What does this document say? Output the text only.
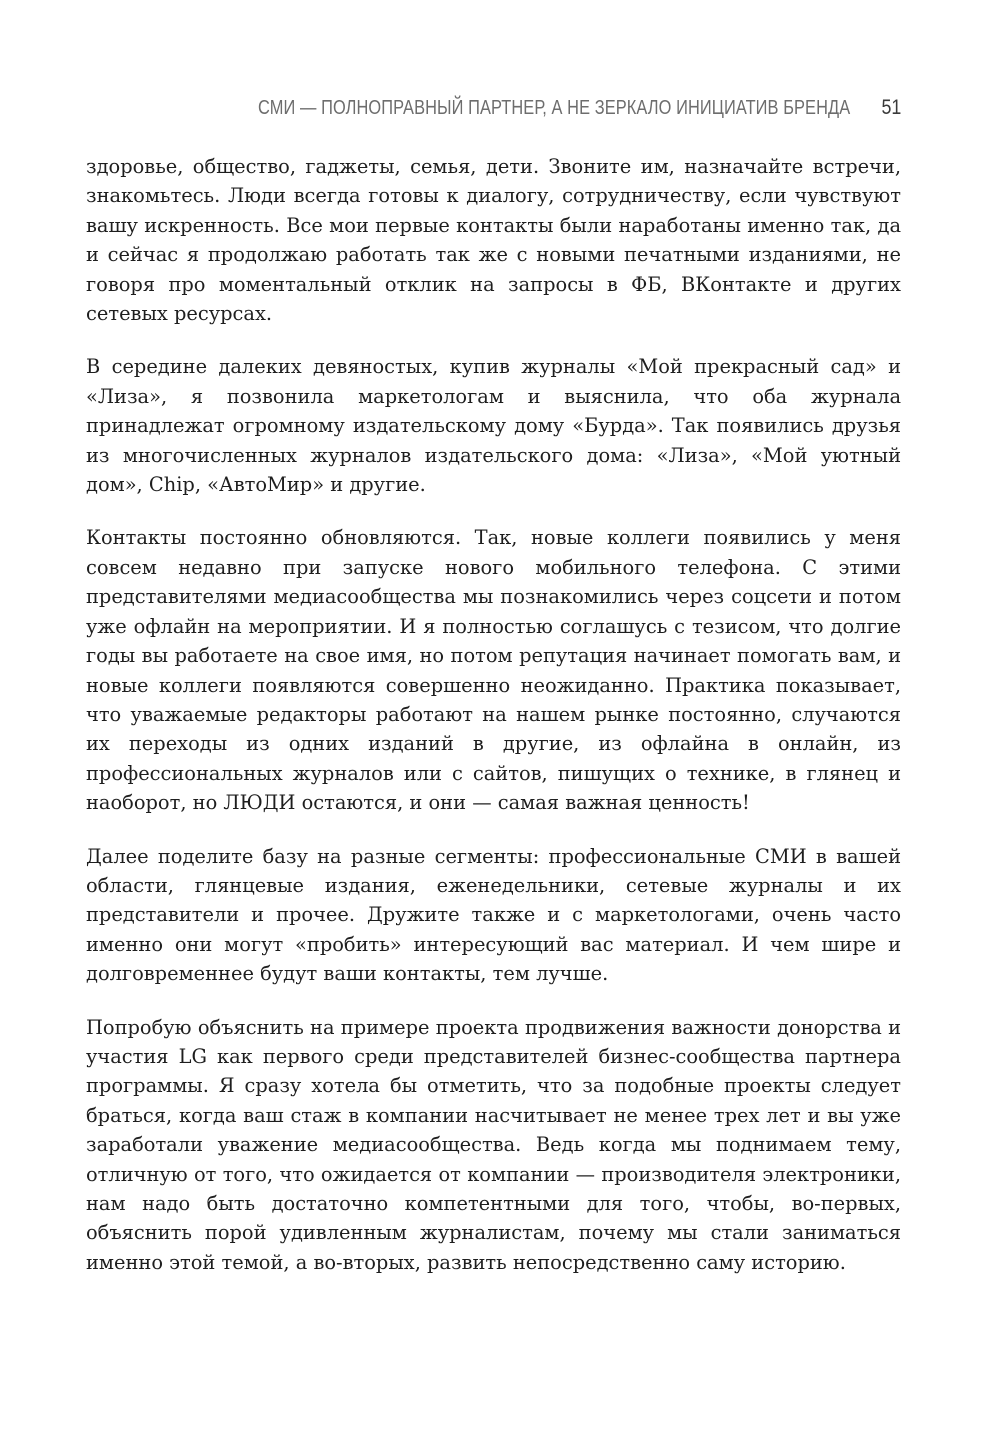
СМИ — ПОЛНОПРАВНЫЙ ПАРТНЕР, А НЕ ЗЕРКАЛО ИНИЦИАТИВ БРЕНДА 51

здоровье, общество, гаджеты, семья, дети. Звоните им, назначайте встречи, знакомьтесь. Люди всегда готовы к диалогу, сотрудничеству, если чувствуют вашу искренность. Все мои первые контакты были наработаны именно так, да и сейчас я продолжаю работать так же с новыми печатными изданиями, не говоря про моментальный отклик на запросы в ФБ, ВКонтакте и других сетевых ресурсах.

В середине далеких девяностых, купив журналы «Мой прекрасный сад» и «Лиза», я позвонила маркетологам и выяснила, что оба журнала принадлежат огромному издательскому дому «Бурда». Так появились друзья из многочисленных журналов издательского дома: «Лиза», «Мой уютный дом», Chip, «АвтоМир» и другие.

Контакты постоянно обновляются. Так, новые коллеги появились у меня совсем недавно при запуске нового мобильного телефона. С этими представителями медиасообщества мы познакомились через соцсети и потом уже офлайн на мероприятии. И я полностью соглашусь с тезисом, что долгие годы вы работаете на свое имя, но потом репутация начинает помогать вам, и новые коллеги появляются совершенно неожиданно. Практика показывает, что уважаемые редакторы работают на нашем рынке постоянно, случаются их переходы из одних изданий в другие, из офлайна в онлайн, из профессиональных журналов или с сайтов, пишущих о технике, в глянец и наоборот, но ЛЮДИ остаются, и они — самая важная ценность!

Далее поделите базу на разные сегменты: профессиональные СМИ в вашей области, глянцевые издания, еженедельники, сетевые журналы и их представители и прочее. Дружите также и с маркетологами, очень часто именно они могут «пробить» интересующий вас материал. И чем шире и долговременнее будут ваши контакты, тем лучше.

Попробую объяснить на примере проекта продвижения важности донорства и участия LG как первого среди представителей бизнес-сообщества партнера программы. Я сразу хотела бы отметить, что за подобные проекты следует браться, когда ваш стаж в компании насчитывает не менее трех лет и вы уже заработали уважение медиасообщества. Ведь когда мы поднимаем тему, отличную от того, что ожидается от компании — производителя электроники, нам надо быть достаточно компетентными для того, чтобы, во-первых, объяснить порой удивленным журналистам, почему мы стали заниматься именно этой темой, а во-вторых, развить непосредственно саму историю.
